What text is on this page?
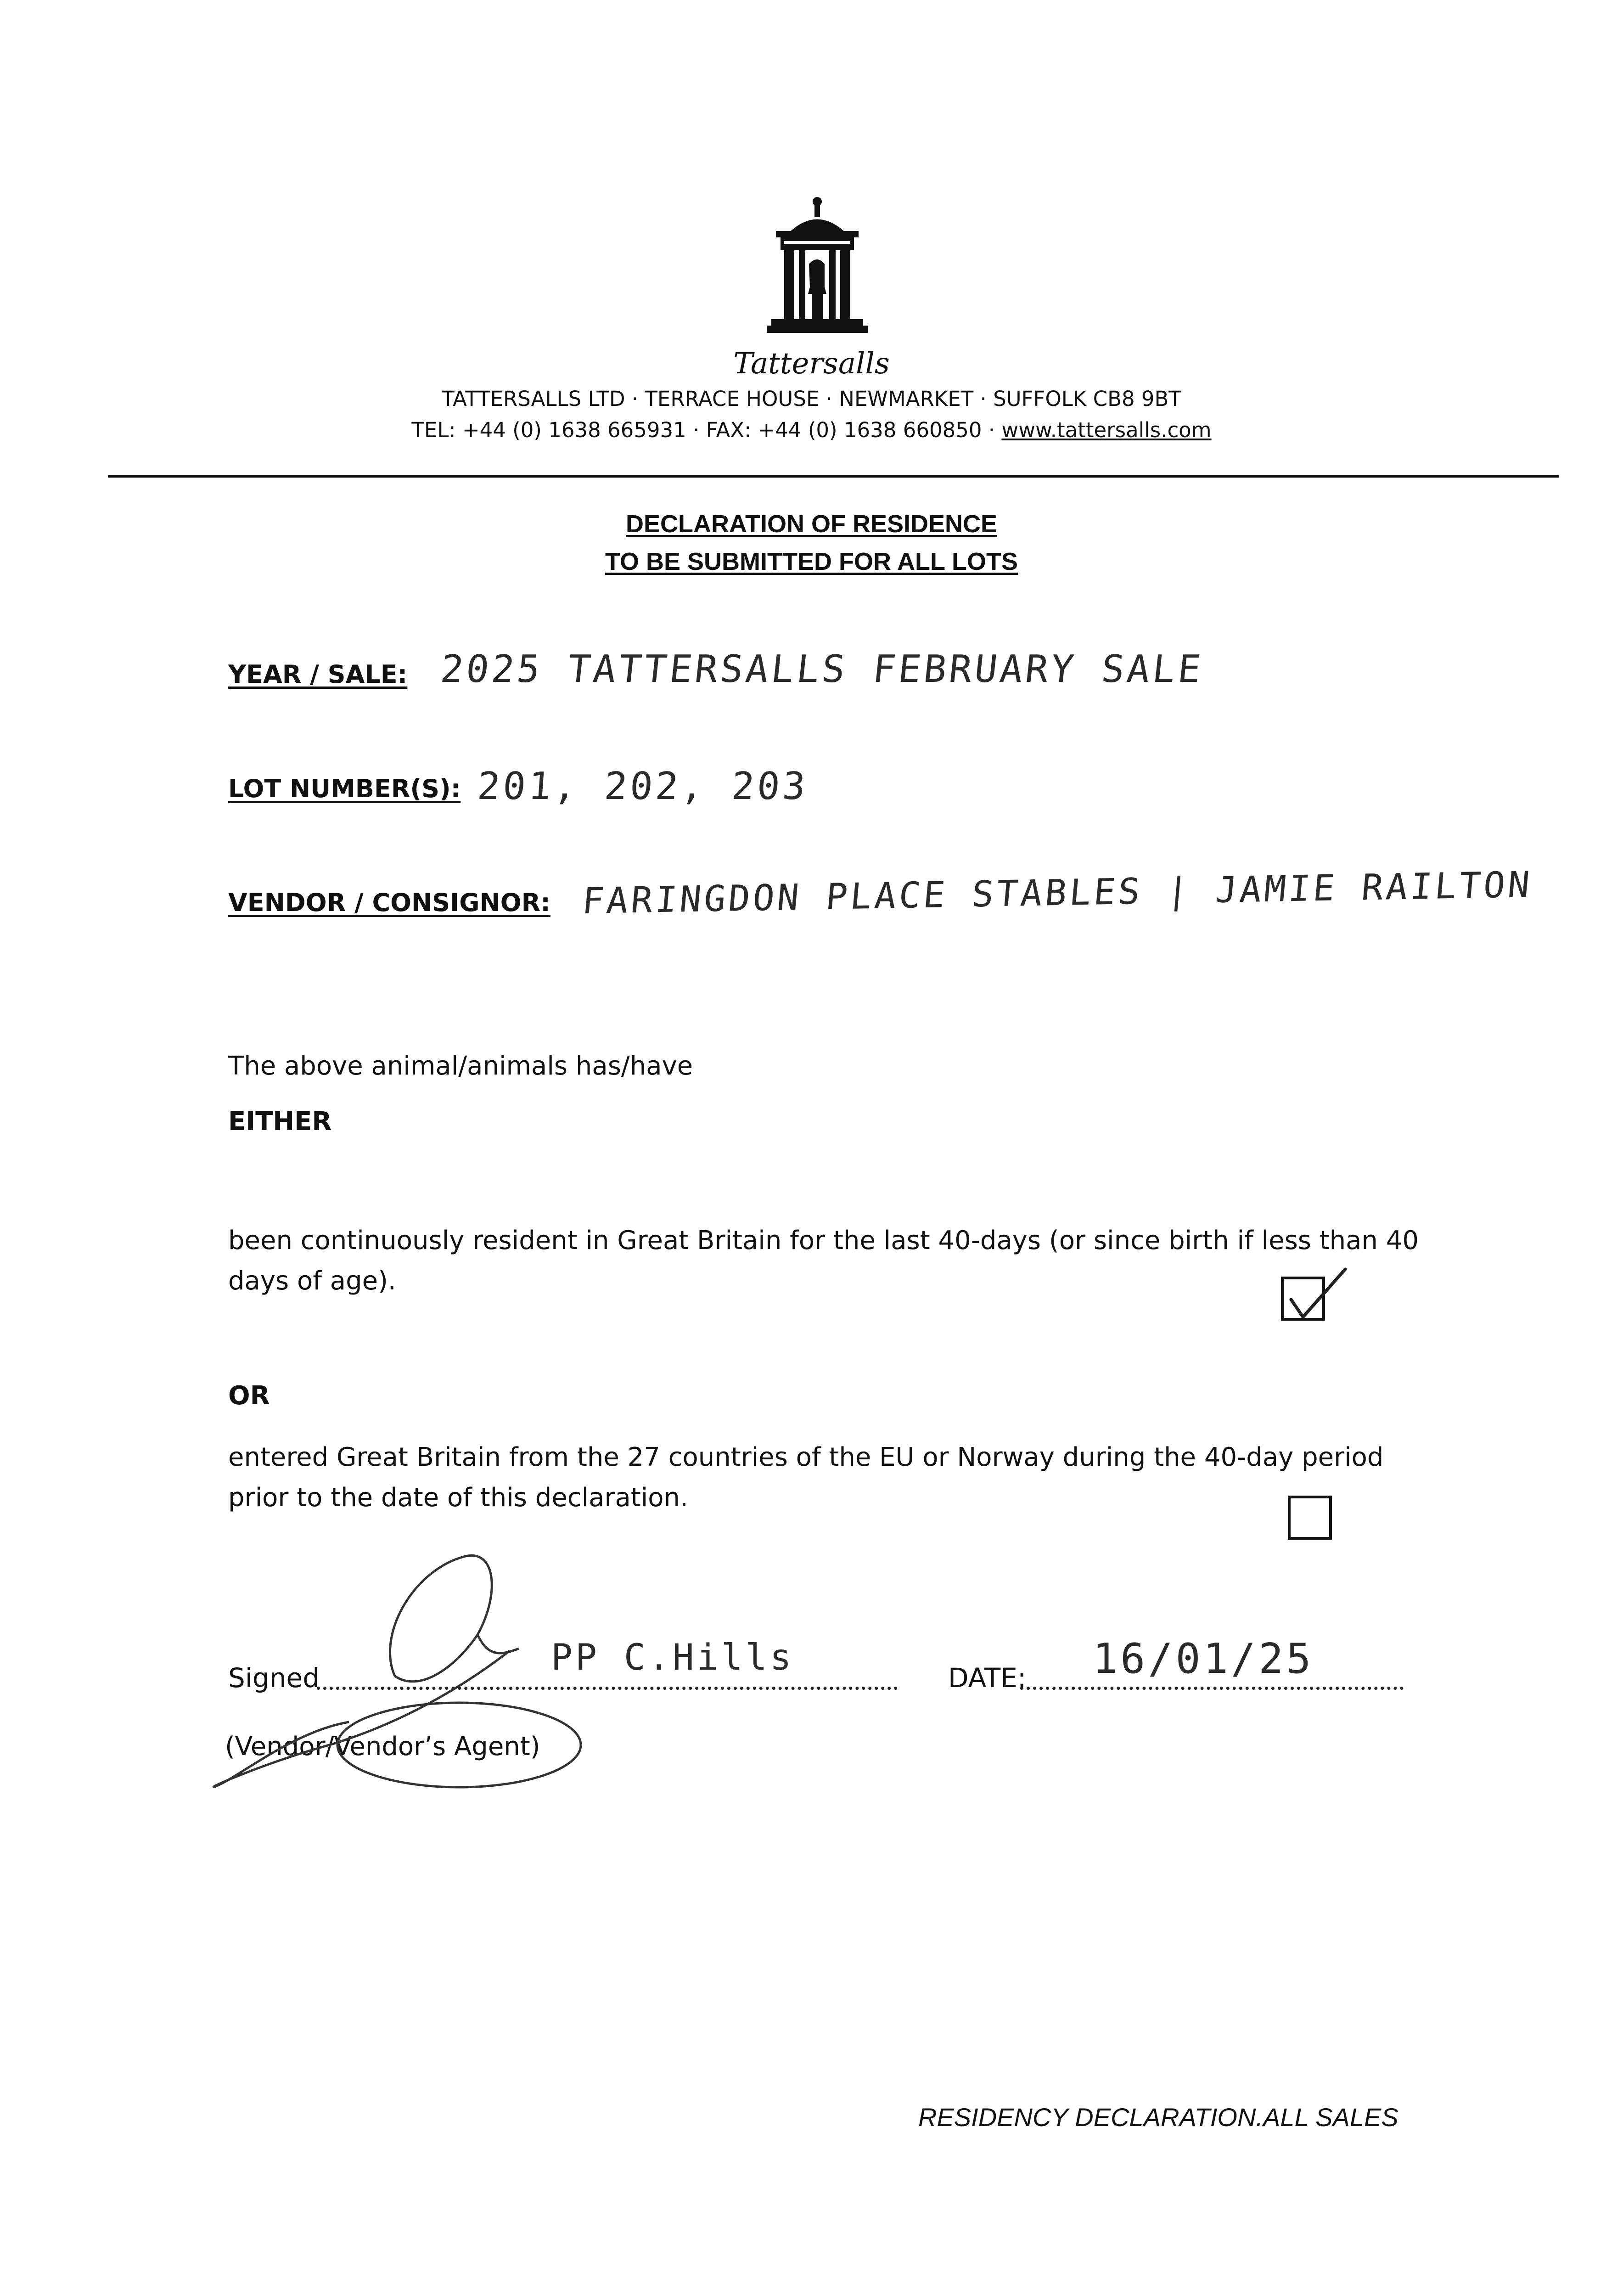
Tattersalls
TATTERSALLS LTD · TERRACE HOUSE · NEWMARKET · SUFFOLK CB8 9BT
TEL: +44 (0) 1638 665931 · FAX: +44 (0) 1638 660850 · www.tattersalls.com
DECLARATION OF RESIDENCE
TO BE SUBMITTED FOR ALL LOTS
YEAR / SALE: 2025 TATTERSALLS FEBRUARY SALE
LOT NUMBER(S): 201, 202, 203
VENDOR / CONSIGNOR: FARINGDON PLACE STABLES | JAMIE RAILTON
The above animal/animals has/have
EITHER
been continuously resident in Great Britain for the last 40-days (or since birth if less than 40 days of age).
OR
entered Great Britain from the 27 countries of the EU or Norway during the 40-day period prior to the date of this declaration.
Signed	PP C.Hills	DATE: 16/01/25
(Vendor/Vendor’s Agent)
RESIDENCY DECLARATION.ALL SALES
